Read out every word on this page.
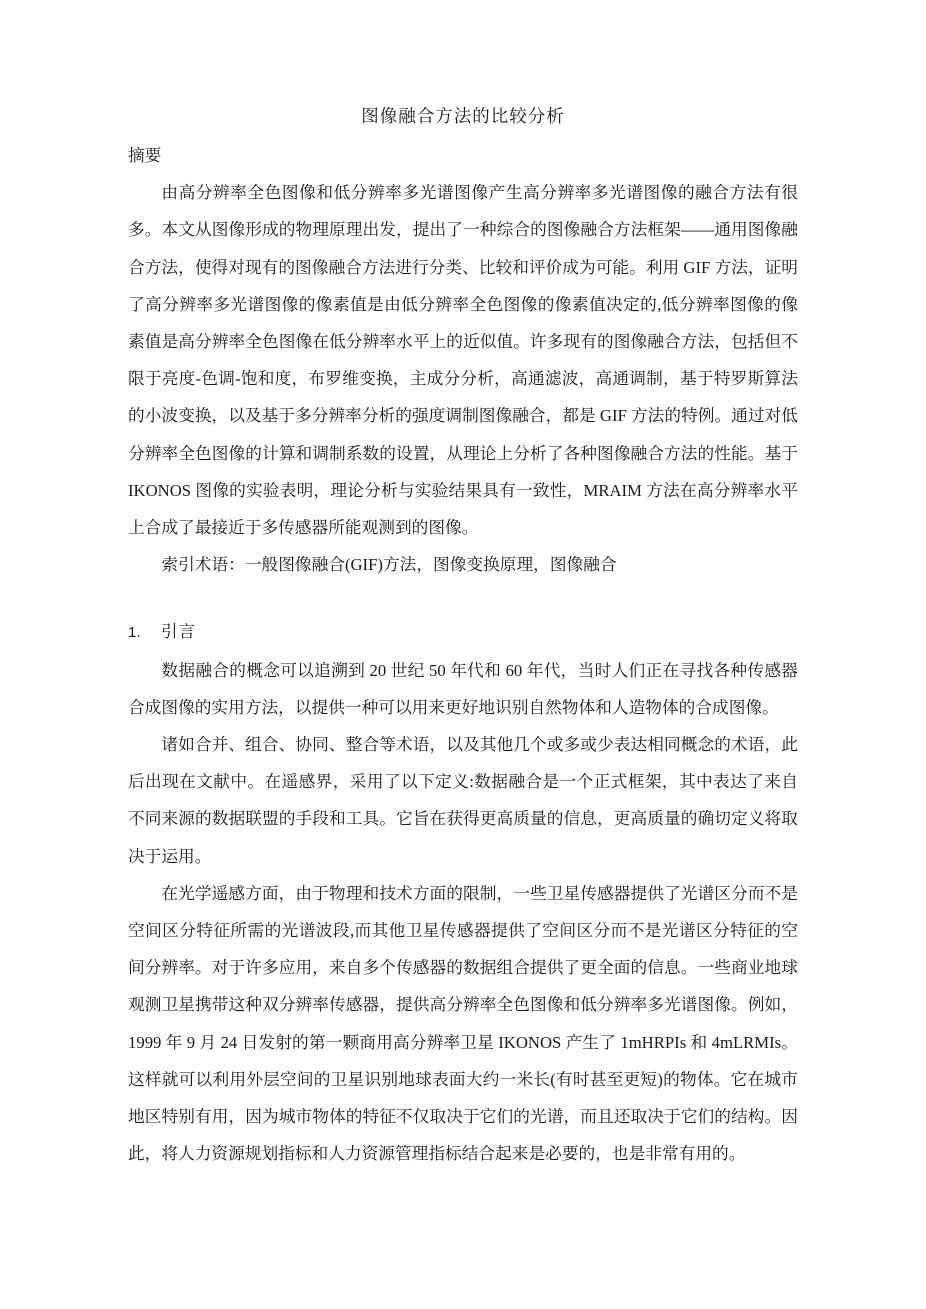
图像融合方法的比较分析
摘要

由高分辨率全色图像和低分辨率多光谱图像产生高分辨率多光谱图像的融合方法有很多。本文从图像形成的物理原理出发，提出了一种综合的图像融合方法框架——通用图像融合方法，使得对现有的图像融合方法进行分类、比较和评价成为可能。利用 GIF 方法，证明了高分辨率多光谱图像的像素值是由低分辨率全色图像的像素值决定的,低分辨率图像的像素值是高分辨率全色图像在低分辨率水平上的近似值。许多现有的图像融合方法，包括但不限于亮度-色调-饱和度，布罗维变换，主成分分析，高通滤波，高通调制，基于特罗斯算法的小波变换，以及基于多分辨率分析的强度调制图像融合，都是 GIF 方法的特例。通过对低分辨率全色图像的计算和调制系数的设置，从理论上分析了各种图像融合方法的性能。基于 IKONOS 图像的实验表明，理论分析与实验结果具有一致性，MRAIM 方法在高分辨率水平上合成了最接近于多传感器所能观测到的图像。

索引术语：一般图像融合(GIF)方法，图像变换原理，图像融合

1.	引言

数据融合的概念可以追溯到 20 世纪 50 年代和 60 年代，当时人们正在寻找各种传感器合成图像的实用方法，以提供一种可以用来更好地识别自然物体和人造物体的合成图像。

诸如合并、组合、协同、整合等术语，以及其他几个或多或少表达相同概念的术语，此后出现在文献中。在遥感界，采用了以下定义:数据融合是一个正式框架，其中表达了来自不同来源的数据联盟的手段和工具。它旨在获得更高质量的信息，更高质量的确切定义将取决于运用。

在光学遥感方面，由于物理和技术方面的限制，一些卫星传感器提供了光谱区分而不是空间区分特征所需的光谱波段,而其他卫星传感器提供了空间区分而不是光谱区分特征的空间分辨率。对于许多应用，来自多个传感器的数据组合提供了更全面的信息。一些商业地球观测卫星携带这种双分辨率传感器，提供高分辨率全色图像和低分辨率多光谱图像。例如，1999 年 9 月 24 日发射的第一颗商用高分辨率卫星 IKONOS 产生了 1mHRPIs 和 4mLRMIs。这样就可以利用外层空间的卫星识别地球表面大约一米长(有时甚至更短)的物体。它在城市地区特别有用，因为城市物体的特征不仅取决于它们的光谱，而且还取决于它们的结构。因此，将人力资源规划指标和人力资源管理指标结合起来是必要的，也是非常有用的。
